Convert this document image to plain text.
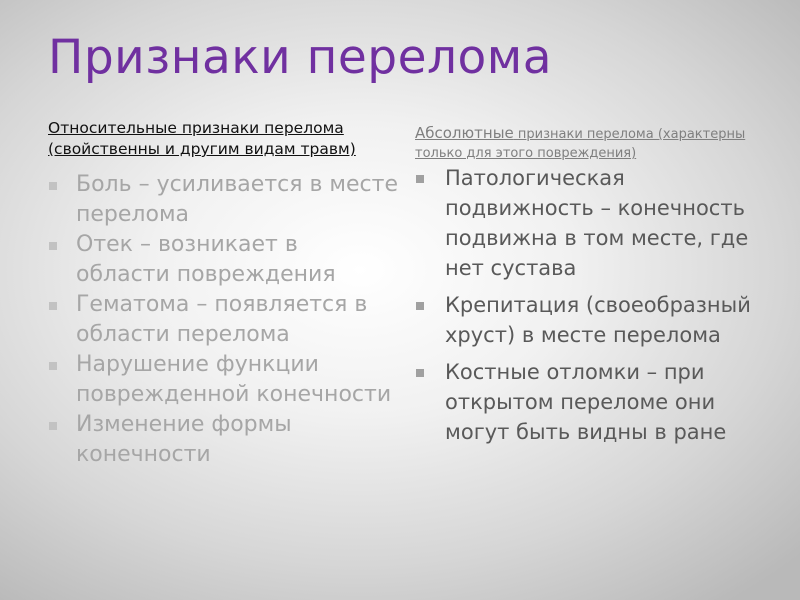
Признаки перелома

Относительные признаки перелома (свойственны и другим видам травм)

Боль – усиливается в месте перелома
Отек – возникает в области повреждения
Гематома – появляется в области перелома
Нарушение функции поврежденной конечности
Изменение формы конечности

Абсолютные признаки перелома (характерны только для этого повреждения)

Патологическая подвижность – конечность подвижна в том месте, где нет сустава
Крепитация (своеобразный хруст) в месте перелома
Костные отломки – при открытом переломе они могут быть видны в ране
